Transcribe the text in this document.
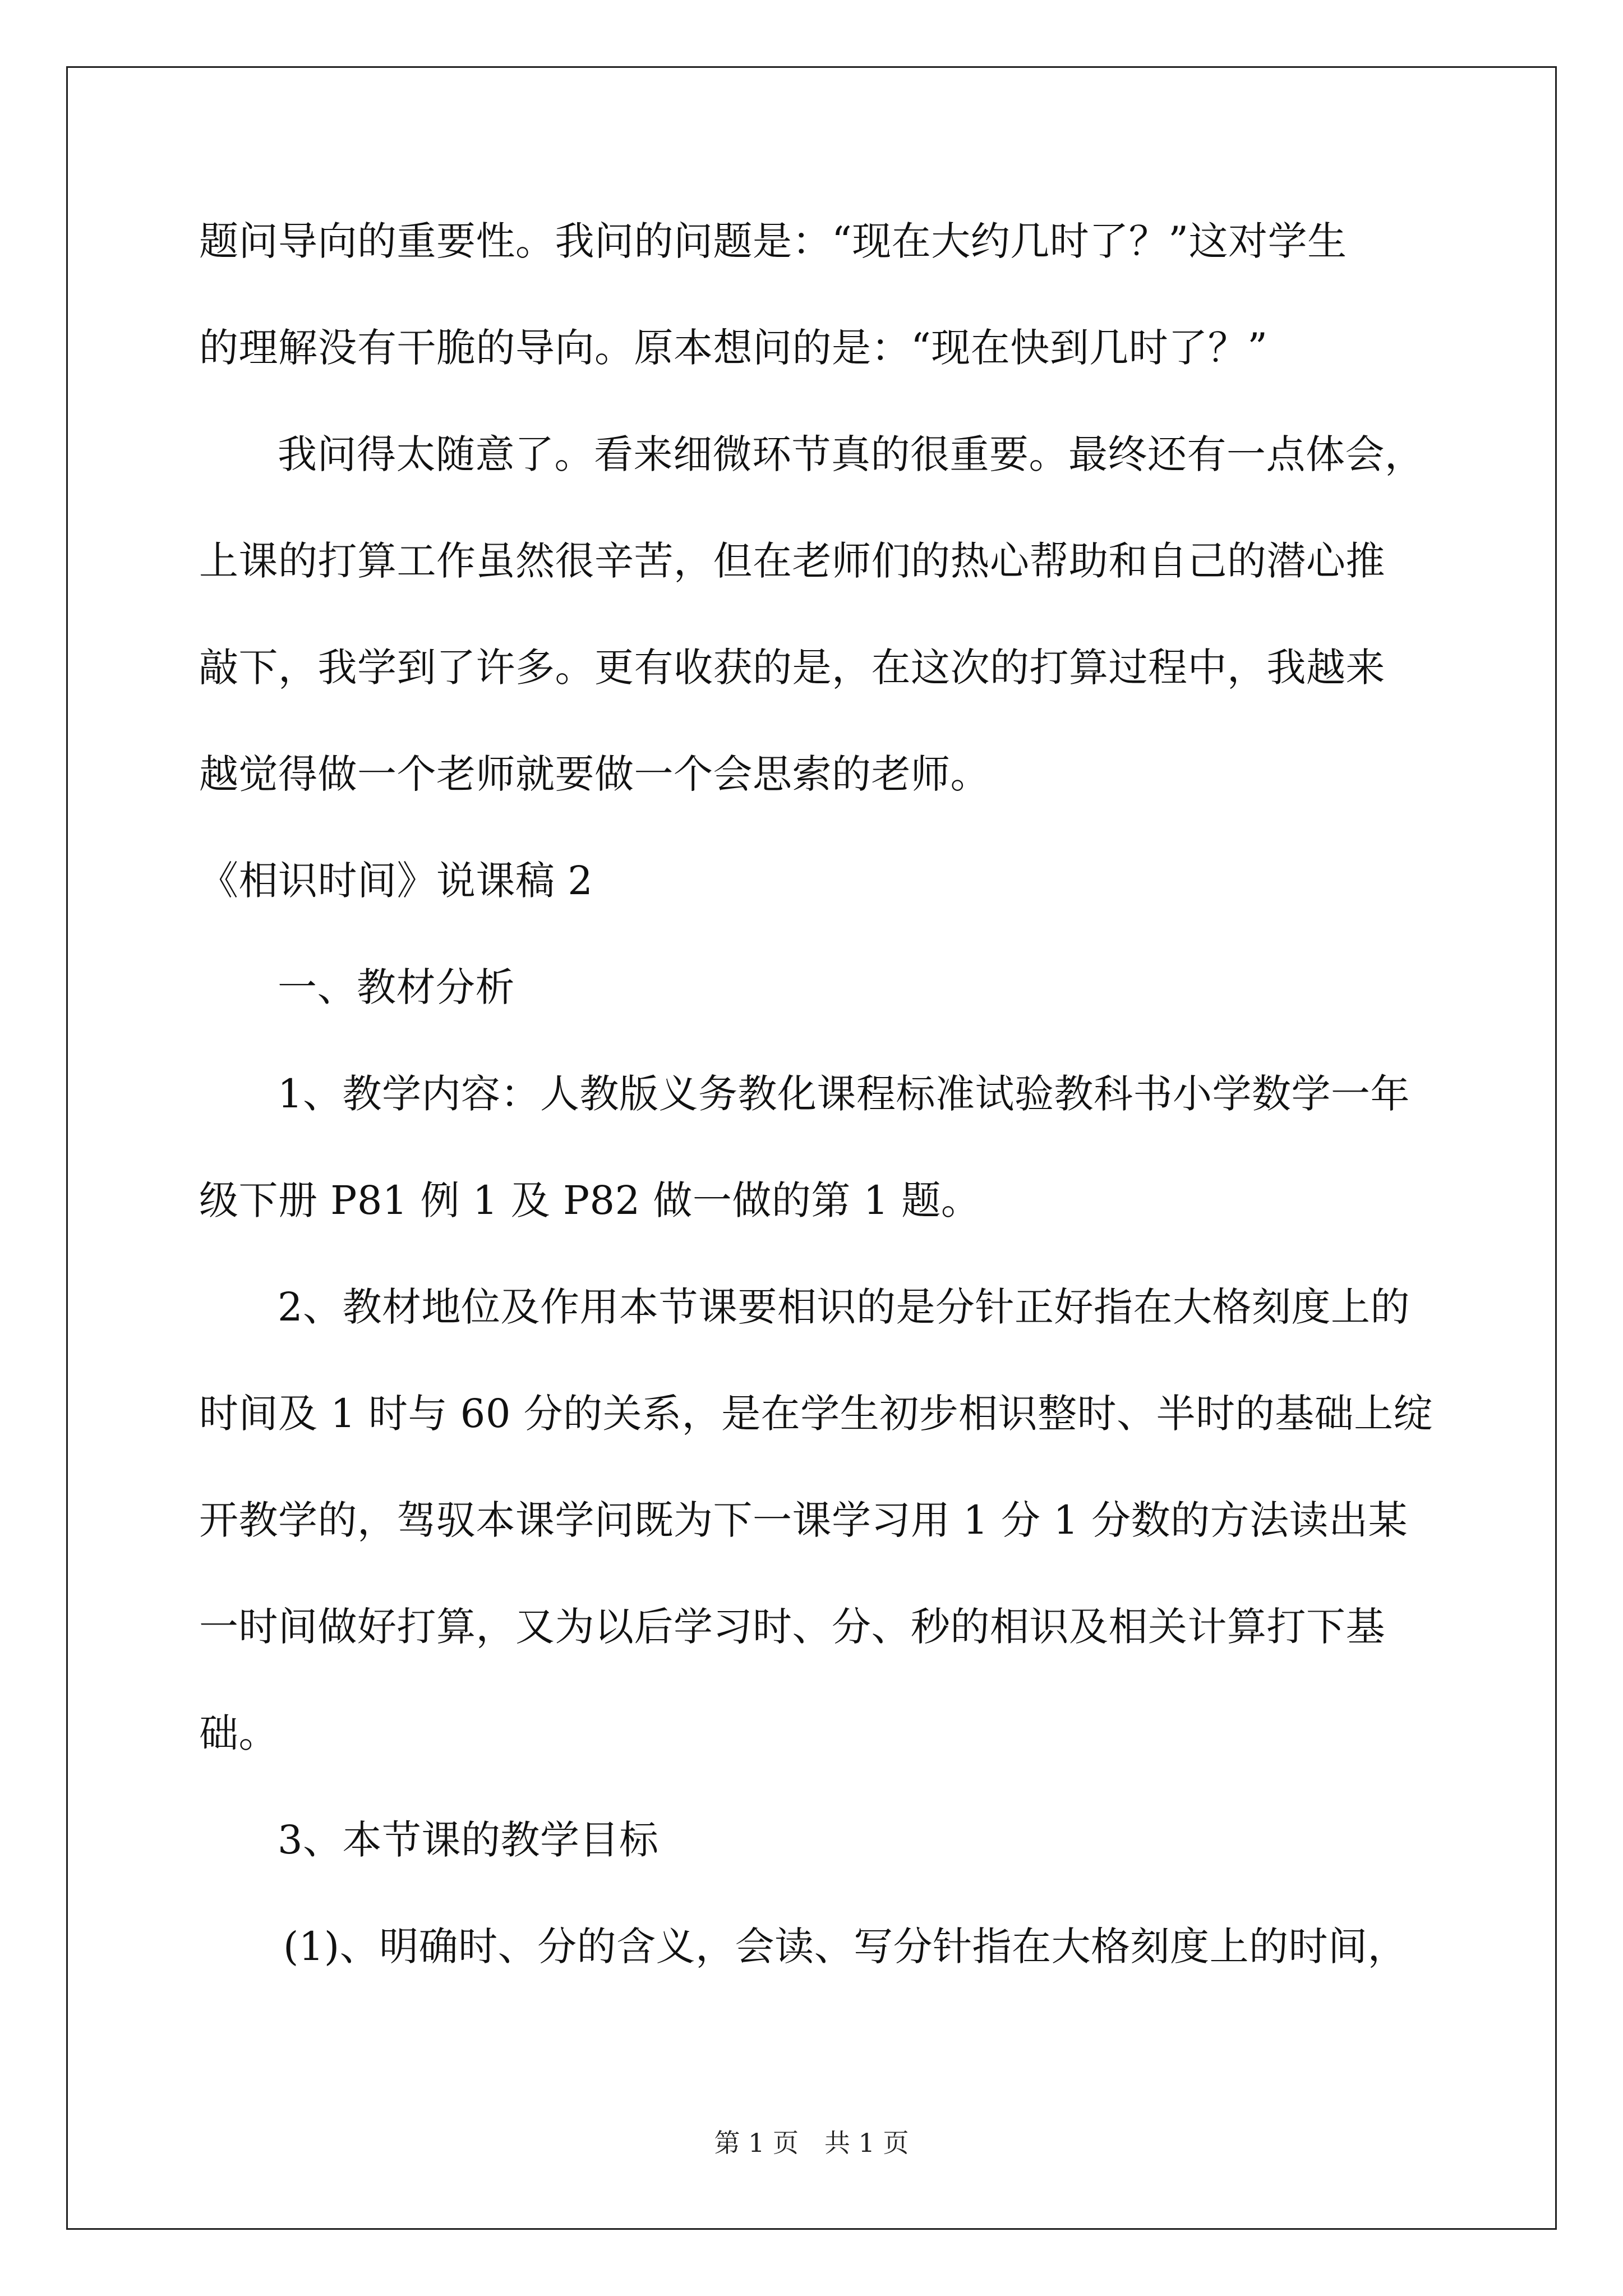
题问导向的重要性。我问的问题是：“现在大约几时了？”这对学生
的理解没有干脆的导向。原本想问的是：“现在快到几时了？”
我问得太随意了。看来细微环节真的很重要。最终还有一点体会，
上课的打算工作虽然很辛苦，但在老师们的热心帮助和自己的潜心推
敲下，我学到了许多。更有收获的是，在这次的打算过程中，我越来
越觉得做一个老师就要做一个会思索的老师。
《相识时间》说课稿 2
一、教材分析
1、教学内容：人教版义务教化课程标准试验教科书小学数学一年
级下册 P81 例 1 及 P82 做一做的第 1 题。
2、教材地位及作用本节课要相识的是分针正好指在大格刻度上的
时间及 1 时与 60 分的关系，是在学生初步相识整时、半时的基础上绽
开教学的，驾驭本课学问既为下一课学习用 1 分 1 分数的方法读出某
一时间做好打算，又为以后学习时、分、秒的相识及相关计算打下基
础。
3、本节课的教学目标
(1)、明确时、分的含义，会读、写分针指在大格刻度上的时间，
第 1 页　共 1 页
